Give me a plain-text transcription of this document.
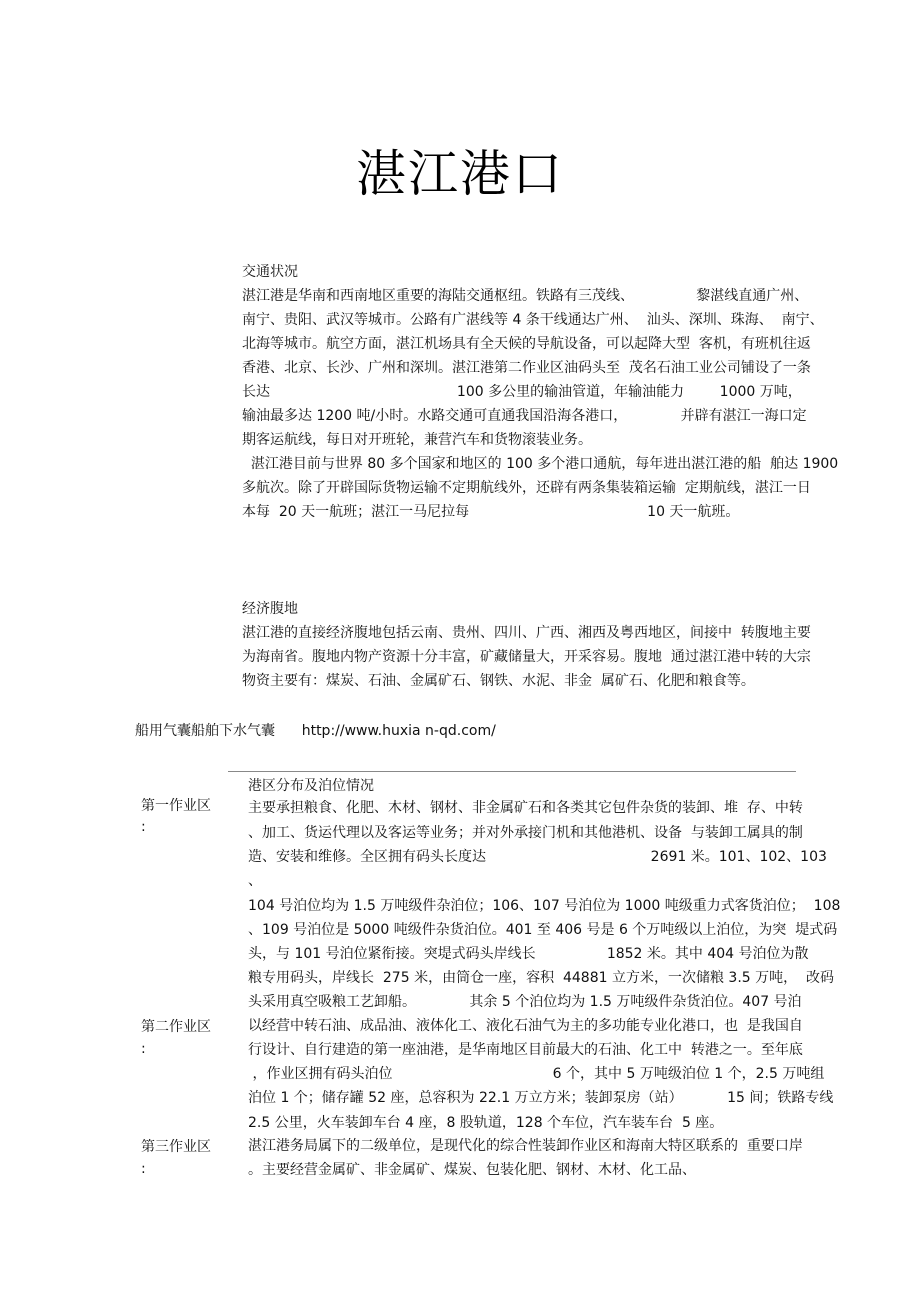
湛江港口
交通状况
湛江港是华南和西南地区重要的海陆交通枢纽。铁路有三茂线、              黎湛线直通广州、
南宁、贵阳、武汉等城市。公路有广湛线等 4 条干线通达广州、  汕头、深圳、珠海、  南宁、
北海等城市。航空方面，湛江机场具有全天候的导航设备，可以起降大型  客机，有班机往返
香港、北京、长沙、广州和深圳。湛江港第二作业区油码头至  茂名石油工业公司铺设了一条
长达                                          100 多公里的输油管道，年输油能力        1000 万吨，
输油最多达 1200 吨/小时。水路交通可直通我国沿海各港口，            并辟有湛江一海口定
期客运航线，每日对开班轮，兼营汽车和货物滚装业务。
湛江港目前与世界 80 多个国家和地区的 100 多个港口通航，每年进出湛江港的船  舶达 1900
多航次。除了开辟国际货物运输不定期航线外，还辟有两条集装箱运输  定期航线，湛江一日
本每  20 天一航班；湛江一马尼拉每                                        10 天一航班。
经济腹地
湛江港的直接经济腹地包括云南、贵州、四川、广西、湘西及粤西地区，间接中  转腹地主要
为海南省。腹地内物产资源十分丰富，矿藏储量大，开采容易。腹地  通过湛江港中转的大宗
物资主要有：煤炭、石油、金属矿石、钢铁、水泥、非金  属矿石、化肥和粮食等。
船用气囊船舶下水气囊      http://www.huxia n-qd.com/
港区分布及泊位情况
第一作业区
:
第二作业区
:
第三作业区
:
主要承担粮食、化肥、木材、钢材、非金属矿石和各类其它包件杂货的装卸、堆  存、中转
、加工、货运代理以及客运等业务；并对外承接门机和其他港机、设备  与装卸工属具的制
造、安装和维修。全区拥有码头长度达                                     2691 米。101、102、103
、
104 号泊位均为 1.5 万吨级件杂泊位；106、107 号泊位为 1000 吨级重力式客货泊位；  108
、109 号泊位是 5000 吨级件杂货泊位。401 至 406 号是 6 个万吨级以上泊位，为突  堤式码
头，与 101 号泊位紧衔接。突堤式码头岸线长                1852 米。其中 404 号泊位为散
粮专用码头，岸线长  275 米，由筒仓一座，容积  44881 立方米，一次储粮 3.5 万吨，  改码
头采用真空吸粮工艺卸船。            其余 5 个泊位均为 1.5 万吨级件杂货泊位。407 号泊
以经营中转石油、成品油、液体化工、液化石油气为主的多功能专业化港口，也  是我国自
行设计、自行建造的第一座油港，是华南地区目前最大的石油、化工中  转港之一。至年底
，作业区拥有码头泊位                                    6 个，其中 5 万吨级泊位 1 个，2.5 万吨组
泊位 1 个；储存罐 52 座，总容积为 22.1 万立方米；装卸泵房（站）          15 间；铁路专线
2.5 公里，火车装卸车台 4 座，8 股轨道，128 个车位，汽车装车台  5 座。
湛江港务局属下的二级单位，是现代化的综合性装卸作业区和海南大特区联系的  重要口岸
。主要经营金属矿、非金属矿、煤炭、包装化肥、钢材、木材、化工品、
